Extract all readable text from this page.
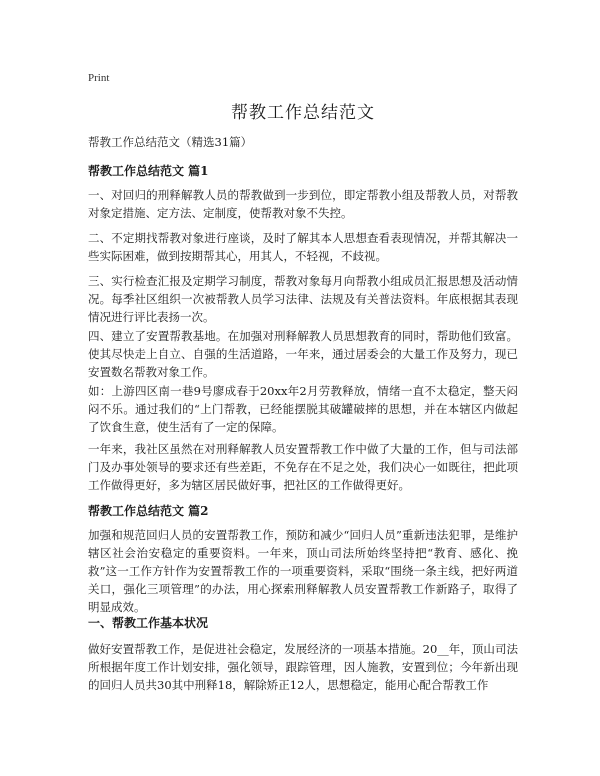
Print
帮教工作总结范文

帮教工作总结范文（精选31篇）

帮教工作总结范文 篇1

一、对回归的刑释解教人员的帮教做到一步到位，即定帮教小组及帮教人员，对帮教对象定措施、定方法、定制度，使帮教对象不失控。

二、不定期找帮教对象进行座谈，及时了解其本人思想查看表现情况，并帮其解决一些实际困难，做到按期帮其心，用其人，不轻视，不歧视。

三、实行检查汇报及定期学习制度，帮教对象每月向帮教小组成员汇报思想及活动情况。每季社区组织一次被帮教人员学习法律、法规及有关普法资料。年底根据其表现情况进行评比表扬一次。

四、建立了安置帮教基地。在加强对刑释解教人员思想教育的同时，帮助他们致富。使其尽快走上自立、自强的生活道路，一年来，通过居委会的大量工作及努力，现已安置数名帮教对象工作。

如：上游四区南一巷9号廖成春于20xx年2月劳教释放，情绪一直不太稳定，整天闷闷不乐。通过我们的“上门帮教，已经能摆脱其破罐破摔的思想，并在本辖区内做起了饮食生意，使生活有了一定的保障。

一年来，我社区虽然在对刑释解教人员安置帮教工作中做了大量的工作，但与司法部门及办事处领导的要求还有些差距，不免存在不足之处，我们决心一如既往，把此项工作做得更好，多为辖区居民做好事，把社区的工作做得更好。

帮教工作总结范文 篇2

加强和规范回归人员的安置帮教工作，预防和减少“回归人员”重新违法犯罪，是维护辖区社会治安稳定的重要资料。一年来，顶山司法所始终坚持把“教育、感化、挽救”这一工作方针作为安置帮教工作的一项重要资料，采取“围绕一条主线，把好两道关口，强化三项管理”的办法，用心探索刑释解教人员安置帮教工作新路子，取得了明显成效。

一、帮教工作基本状况

做好安置帮教工作，是促进社会稳定，发展经济的一项基本措施。20__年，顶山司法所根据年度工作计划安排，强化领导，跟踪管理，因人施教，安置到位；今年新出现的回归人员共30其中刑释18，解除矫正12人，思想稳定，能用心配合帮教工作
